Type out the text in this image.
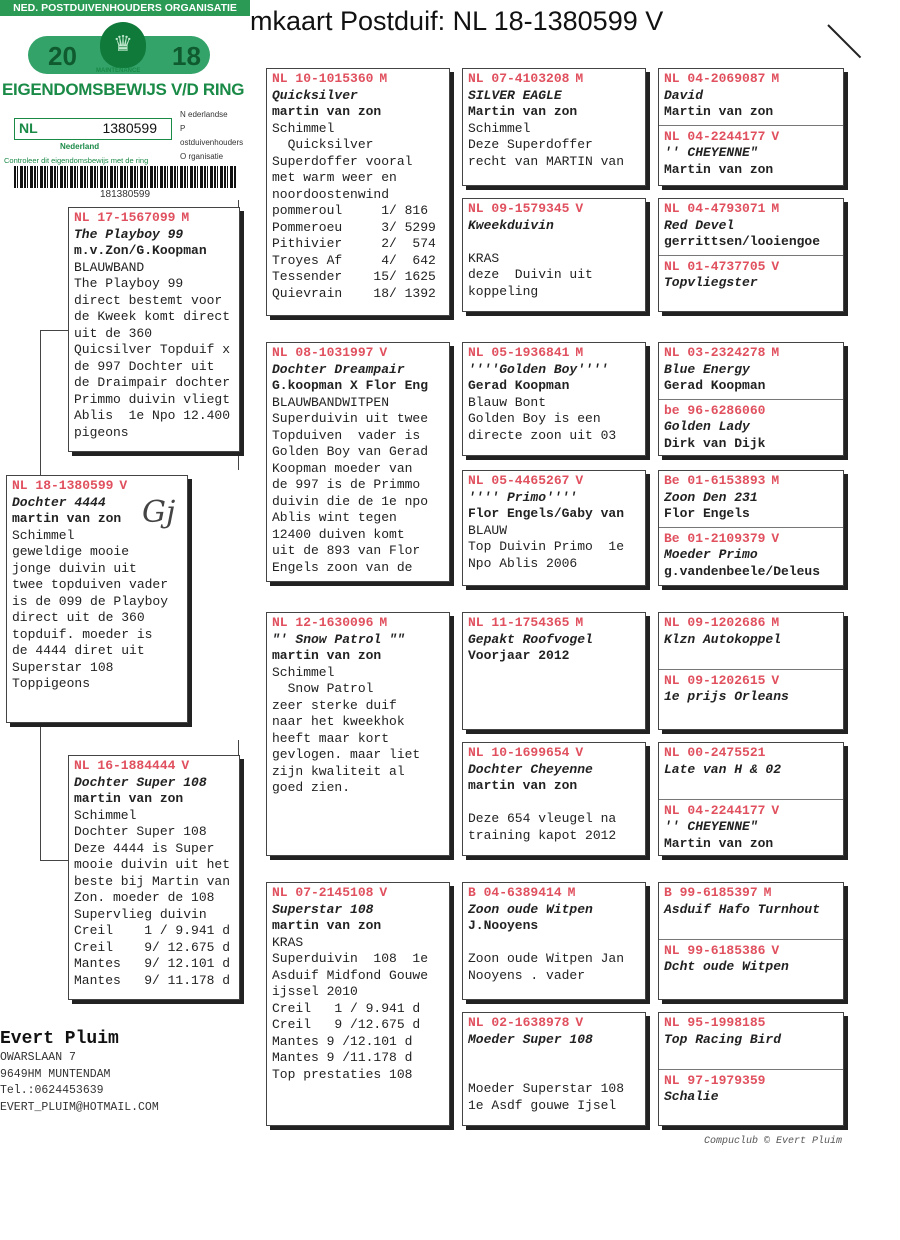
mkaart Postduif: NL 18-1380599 V
NED. POSTDUIVENHOUDERS ORGANISATIE
20	18
♛
MAINTENANCE
EIGENDOMSBEWIJS V/D RING
NL	1380599
Nederland
N ederlandse
P ostduivenhouders
O rganisatie
Controleer dit eigendomsbewijs met de ring
181380599
NL 17-1567099 M
The Playboy 99
m.v.Zon/G.Koopman
BLAUWBAND
The Playboy 99
direct bestemt voor
de Kweek komt direct
uit de 360
Quicsilver Topduif x
de 997 Dochter uit
de Draimpair dochter
Primmo duivin vliegt
Ablis  1e Npo 12.400
pigeons
NL 18-1380599 V
Dochter 4444
martin van zon
Schimmel
geweldige mooie
jonge duivin uit
twee topduiven vader
is de 099 de Playboy
direct uit de 360
topduif. moeder is
de 4444 diret uit
Superstar 108
Toppigeons
Gj
NL 16-1884444 V
Dochter Super 108
martin van zon
Schimmel
Dochter Super 108
Deze 4444 is Super
mooie duivin uit het
beste bij Martin van
Zon. moeder de 108
Supervlieg duivin
Creil    1 / 9.941 d
Creil    9/ 12.675 d
Mantes   9/ 12.101 d
Mantes   9/ 11.178 d
NL 10-1015360 M
Quicksilver
martin van zon
Schimmel
Quicksilver
Superdoffer vooral
met warm weer en
noordoostenwind
pommeroul     1/ 816
Pommeroeu     3/ 5299
Pithivier     2/  574
Troyes Af     4/  642
Tessender    15/ 1625
Quievrain    18/ 1392
NL 08-1031997 V
Dochter Dreampair
G.koopman X Flor Eng
BLAUWBANDWITPEN
Superduivin uit twee
Topduiven  vader is
Golden Boy van Gerad
Koopman moeder van
de 997 is de Primmo
duivin die de 1e npo
Ablis wint tegen
12400 duiven komt
uit de 893 van Flor
Engels zoon van de
NL 12-1630096 M
"' Snow Patrol ""
martin van zon
Schimmel
Snow Patrol
zeer sterke duif
naar het kweekhok
heeft maar kort
gevlogen. maar liet
zijn kwaliteit al
goed zien.
NL 07-2145108 V
Superstar 108
martin van zon
KRAS
Superduivin  108  1e
Asduif Midfond Gouwe
ijssel 2010
Creil   1 / 9.941 d
Creil   9 /12.675 d
Mantes 9 /12.101 d
Mantes 9 /11.178 d
Top prestaties 108
NL 07-4103208 M
SILVER EAGLE
Martin van zon
Schimmel
Deze Superdoffer
recht van MARTIN van
NL 09-1579345 V
Kweekduivin
KRAS
deze  Duivin uit
koppeling
NL 05-1936841 M
''''Golden Boy''''
Gerad Koopman
Blauw Bont
Golden Boy is een
directe zoon uit 03
NL 05-4465267 V
'''' Primo''''
Flor Engels/Gaby van
BLAUW
Top Duivin Primo  1e
Npo Ablis 2006
NL 11-1754365 M
Gepakt Roofvogel
Voorjaar 2012
NL 10-1699654 V
Dochter Cheyenne
martin van zon
Deze 654 vleugel na
training kapot 2012
B 04-6389414 M
Zoon oude Witpen
J.Nooyens
Zoon oude Witpen Jan
Nooyens . vader
NL 02-1638978 V
Moeder Super 108
Moeder Superstar 108
1e Asdf gouwe Ijsel
NL 04-2069087 M
David
Martin van zon
NL 04-2244177 V
'' CHEYENNE"
Martin van zon
NL 04-4793071 M
Red Devel
gerrittsen/looiengoe
NL 01-4737705 V
Topvliegster
NL 03-2324278 M
Blue Energy
Gerad Koopman
be 96-6286060
Golden Lady
Dirk van Dijk
Be 01-6153893 M
Zoon Den 231
Flor Engels
Be 01-2109379 V
Moeder Primo
g.vandenbeele/Deleus
NL 09-1202686 M
Klzn Autokoppel
NL 09-1202615 V
1e prijs Orleans
NL 00-2475521
Late van H & 02
NL 04-2244177 V
'' CHEYENNE"
Martin van zon
B 99-6185397 M
Asduif Hafo Turnhout
NL 99-6185386 V
Dcht oude Witpen
NL 95-1998185
Top Racing Bird
NL 97-1979359
Schalie
Evert Pluim
OWARSLAAN 7
9649HM MUNTENDAM
Tel.:0624453639
EVERT_PLUIM@HOTMAIL.COM
Compuclub © Evert Pluim
